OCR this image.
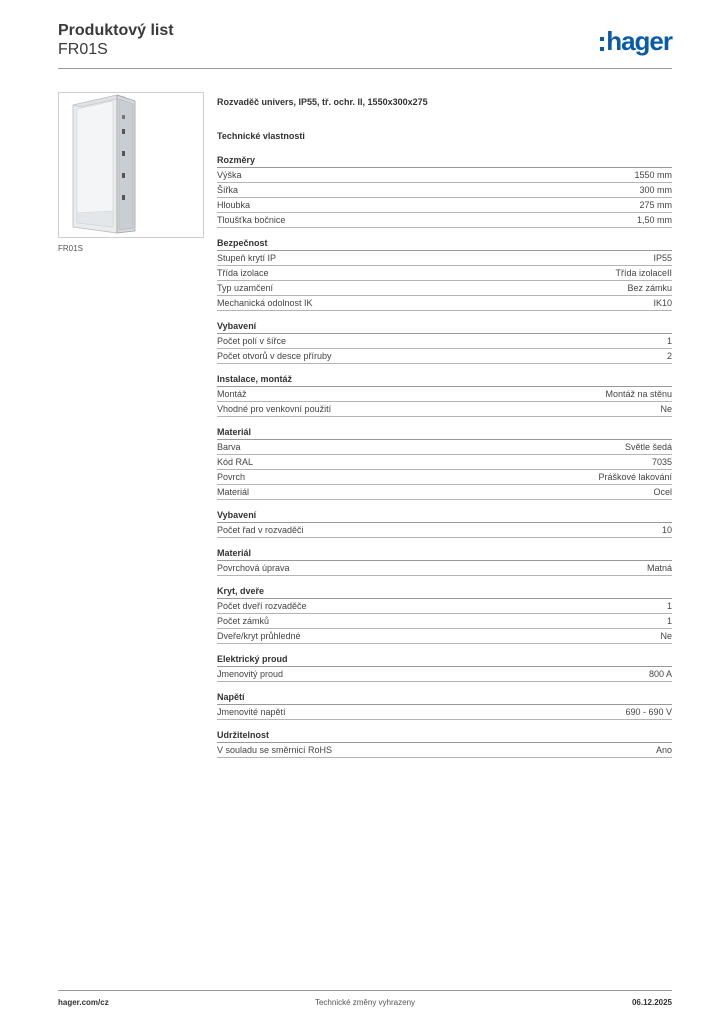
Produktový list
FR01S	hager
FR01S
Rozvaděč univers, IP55, tř. ochr. II, 1550x300x275
Technické vlastnosti
Rozměry
Výška	1550 mm
Šířka	300 mm
Hloubka	275 mm
Tloušťka bočnice	1,50 mm
Bezpečnost
Stupeň krytí IP	IP55
Třída izolace	Třída izolaceII
Typ uzamčení	Bez zámku
Mechanická odolnost IK	IK10
Vybavení
Počet polí v šířce	1
Počet otvorů v desce příruby	2
Instalace, montáž
Montáž	Montáž na stěnu
Vhodné pro venkovní použití	Ne
Materiál
Barva	Světle šedá
Kód RAL	7035
Povrch	Práškové lakování
Materiál	Ocel
Vybavení
Počet řad v rozvaděči	10
Materiál
Povrchová úprava	Matná
Kryt, dveře
Počet dveří rozvaděče	1
Počet zámků	1
Dveře/kryt průhledné	Ne
Elektrický proud
Jmenovitý proud	800 A
Napětí
Jmenovité napětí	690 - 690 V
Udržitelnost
V souladu se směrnicí RoHS	Ano
hager.com/cz	Technické změny vyhrazeny	06.12.2025
